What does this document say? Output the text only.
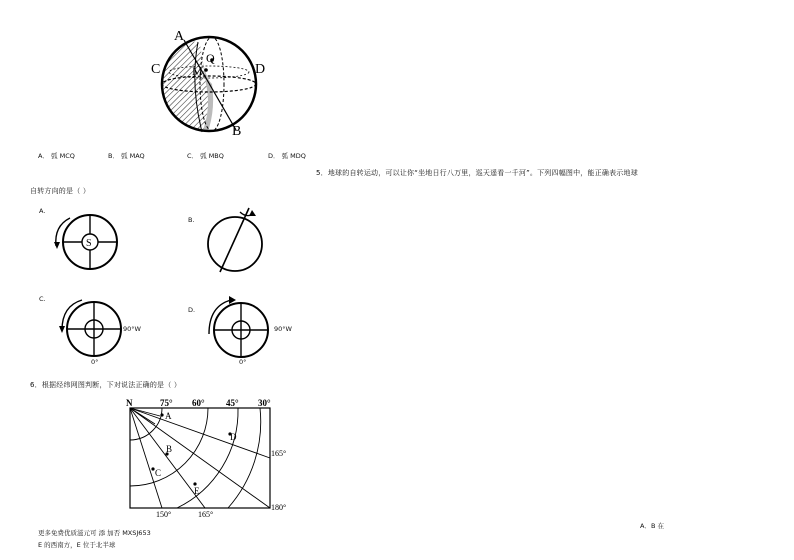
A
B
C	D
M
Q
A． 弧 MCQ	B． 弧 MAQ	C． 弧 MBQ	D． 弧 MDQ
5．地球的自转运动，可以让你“坐地日行八万里，巡天遥看一千河”。下列四幅图中，能正确表示地球
自转方向的是（ ）
A.
S
B.
C.
90°W
0°
D.
90°W
0°
6．根据经纬网图判断，下对说法正确的是（ ）
N	75° 60° 45° 30°
165°
180°
150°	165°
A
B
C
D
E
A．B 在
更多免费优质滋元可 添 加否 MXSJ653
E 的西南方，E 位于北半球
